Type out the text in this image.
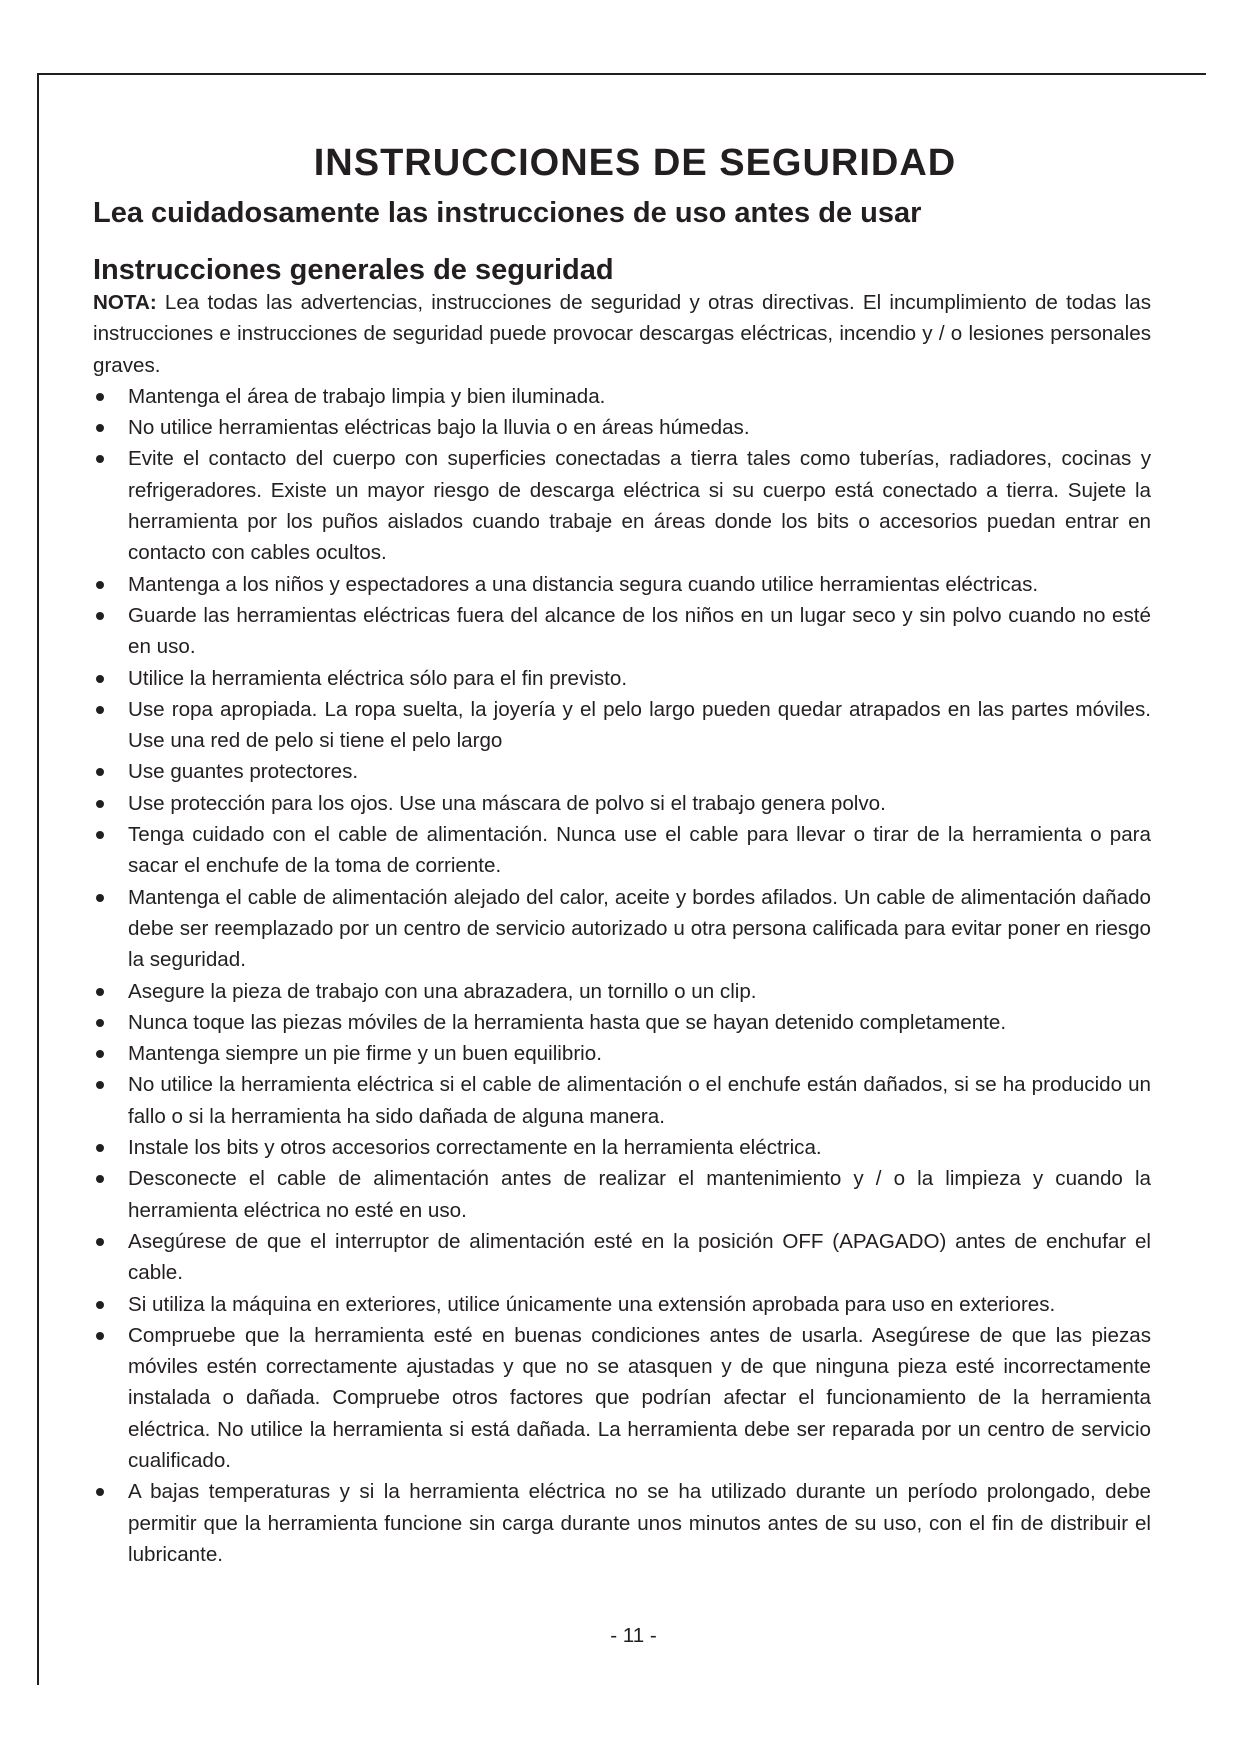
INSTRUCCIONES DE SEGURIDAD
Lea cuidadosamente las instrucciones de uso antes de usar
Instrucciones generales de seguridad

NOTA: Lea todas las advertencias, instrucciones de seguridad y otras directivas. El incumplimiento de todas las instrucciones e instrucciones de seguridad puede provocar descargas eléctricas, incendio y / o lesiones personales graves.

Mantenga el área de trabajo limpia y bien iluminada.
No utilice herramientas eléctricas bajo la lluvia o en áreas húmedas.
Evite el contacto del cuerpo con superficies conectadas a tierra tales como tuberías, radiadores, cocinas y refrigeradores. Existe un mayor riesgo de descarga eléctrica si su cuerpo está conectado a tierra. Sujete la herramienta por los puños aislados cuando trabaje en áreas donde los bits o accesorios puedan entrar en contacto con cables ocultos.
Mantenga a los niños y espectadores a una distancia segura cuando utilice herramientas eléctricas.
Guarde las herramientas eléctricas fuera del alcance de los niños en un lugar seco y sin polvo cuando no esté en uso.
Utilice la herramienta eléctrica sólo para el fin previsto.
Use ropa apropiada. La ropa suelta, la joyería y el pelo largo pueden quedar atrapados en las partes móviles. Use una red de pelo si tiene el pelo largo
Use guantes protectores.
Use protección para los ojos. Use una máscara de polvo si el trabajo genera polvo.
Tenga cuidado con el cable de alimentación. Nunca use el cable para llevar o tirar de la herramienta o para sacar el enchufe de la toma de corriente.
Mantenga el cable de alimentación alejado del calor, aceite y bordes afilados. Un cable de alimentación dañado debe ser reemplazado por un centro de servicio autorizado u otra persona calificada para evitar poner en riesgo la seguridad.
Asegure la pieza de trabajo con una abrazadera, un tornillo o un clip.
Nunca toque las piezas móviles de la herramienta hasta que se hayan detenido completamente.
Mantenga siempre un pie firme y un buen equilibrio.
No utilice la herramienta eléctrica si el cable de alimentación o el enchufe están dañados, si se ha producido un fallo o si la herramienta ha sido dañada de alguna manera.
Instale los bits y otros accesorios correctamente en la herramienta eléctrica.
Desconecte el cable de alimentación antes de realizar el mantenimiento y / o la limpieza y cuando la herramienta eléctrica no esté en uso.
Asegúrese de que el interruptor de alimentación esté en la posición OFF (APAGADO) antes de enchufar el cable.
Si utiliza la máquina en exteriores, utilice únicamente una extensión aprobada para uso en exteriores.
Compruebe que la herramienta esté en buenas condiciones antes de usarla. Asegúrese de que las piezas móviles estén correctamente ajustadas y que no se atasquen y de que ninguna pieza esté incorrectamente instalada o dañada. Compruebe otros factores que podrían afectar el funcionamiento de la herramienta eléctrica. No utilice la herramienta si está dañada. La herramienta debe ser reparada por un centro de servicio cualificado.
A bajas temperaturas y si la herramienta eléctrica no se ha utilizado durante un período prolongado, debe permitir que la herramienta funcione sin carga durante unos minutos antes de su uso, con el fin de distribuir el lubricante.
- 11 -
